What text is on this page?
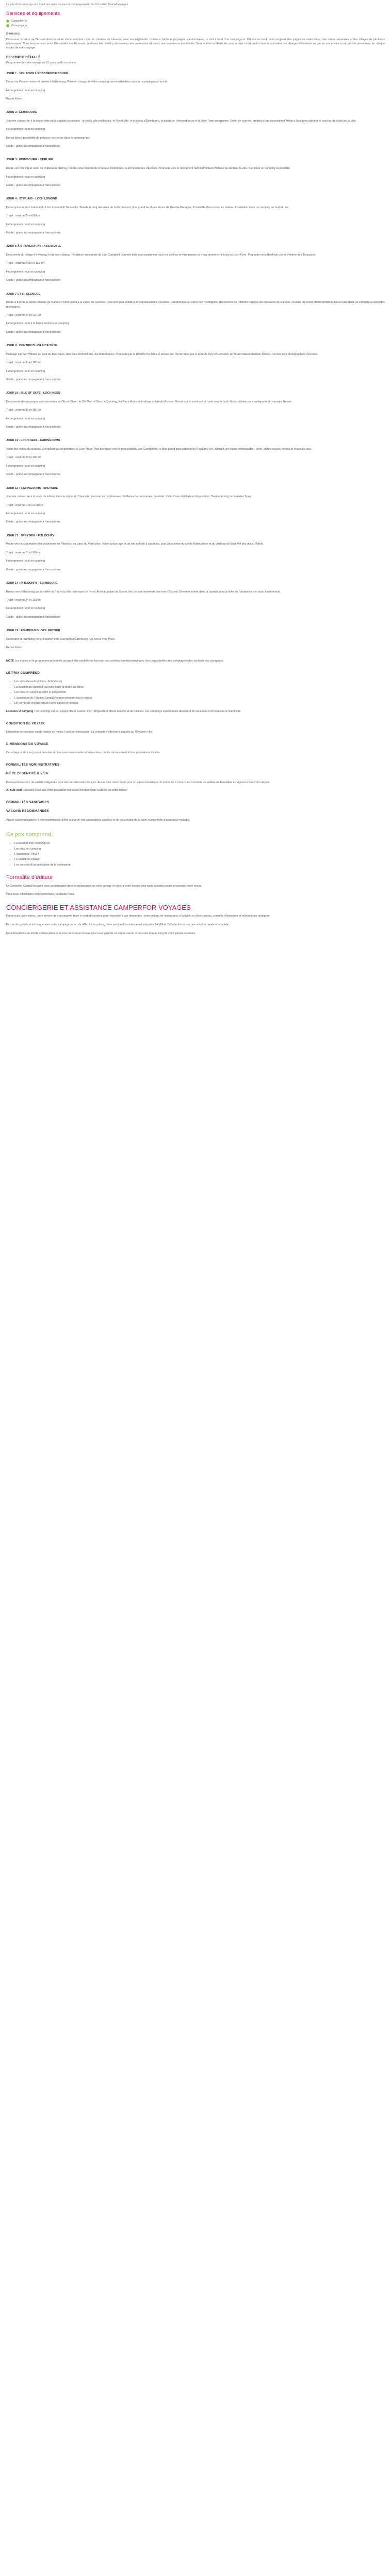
Le prix d'un camping-car / 2 à 4 ans avec ou sans accompagnement du Conseiller Camp&Voyages
Services et équipements
Conseiller(e)
Camping-car
Bienvenu

Découvrez le cœur de l'Écosse dans le cadre d'une aventure riche en chemins de traverse, avec ses Highlands, châteaux, lochs et paysages spectaculaires, le tout à bord d'un camping-car. Du sud au nord, vous longerez des plages de sable blanc, des routes sinueuses et des villages de pêcheurs pittoresques. Vous rencontrerez aussi l'hospitalité des Écossais, goûterez leur whisky, découvrirez leur patrimoine et vivrez une expérience inoubliable. Sans oublier la liberté de vous arrêter où et quand vous le souhaitez, de changer d'itinéraire au gré de vos envies et de profiter pleinement de chaque instant de votre voyage.

DESCRIPTIF DÉTAILLÉ
Programme de votre voyage de 15 jours en Ecotourisme
JOUR 1 : VOL POUR L'ÉCOSSE/ÉDIMBOURG

Départ de Paris en avion et arrivée à Édimbourg. Prise en charge de votre camping-car et installation dans un camping pour la nuit.

Hébergement : nuit en camping
Repas libres
JOUR 2 : ÉDIMBOURG

Journée consacrée à la découverte de la capitale écossaise : la vieille ville médiévale, le Royal Mile, le château d'Édimbourg, le palais de Holyroodhouse et la New Town géorgienne. En fin de journée, profitez d'une ascension d'Arthur's Seat pour admirer le coucher de soleil sur la ville.

Hébergement : nuit en camping
Repas libres, possibilité de préparer vos repas dans le camping-car
Guide : guide accompagnateur francophone
JOUR 3 : ÉDIMBOURG - STIRLING

Route vers Stirling et visite du château de Stirling, l'un des plus importants châteaux historiques et architecturaux d'Écosse. Poursuite vers le monument national William Wallace qui domine la ville. Nuit dans un camping à proximité.

Hébergement : nuit en camping
Guide : guide accompagnateur francophone
JOUR 4 : STIRLING - LOCH LOMOND

Départ pour le parc national du Loch Lomond & Trossachs. Balade le long des rives du Loch Lomond, plus grand lac d'eau douce de Grande-Bretagne. Possibilité d'excursion en bateau. Installation dans un camping au bord du lac.

Trajet : environ 2h et 60 km
Hébergement : nuit en camping
Guide : guide accompagnateur francophone
JOUR 5 À 6 : INVERARAY - ABERFOYLE

Découverte du village d'Inveraray et de son château, résidence ancestrale du clan Campbell. Journée libre pour randonner dans les collines environnantes ou vous promener le long du Loch Fyne. Poursuite vers Aberfoyle, porte d'entrée des Trossachs.

Trajet : environ 2h30 et 110 km
Hébergement : nuit en camping
Guide : guide accompagnateur francophone
JOUR 7 ET 8 : GLENCOE

Route à travers la lande désolée de Rannoch Moor jusqu'à la vallée de Glencoe, l'une des plus célèbres et spectaculaires d'Écosse. Randonnées au cœur des montagnes, découverte de l'histoire tragique du massacre de Glencoe et visite du centre d'interprétation. Deux nuits dans un camping au pied des montagnes.

Trajet : environ 2h et 120 km
Hébergement : nuit à la ferme ou dans un camping
Guide : guide accompagnateur francophone
JOUR 9 : BEN NEVIS - ISLE OF SKYE

Passage par Fort William au pied du Ben Nevis, plus haut sommet des îles britanniques. Poursuite par la Road to the Isles et arrivée sur l'île de Skye par le pont de Kyle of Lochalsh. Arrêt au château d'Eilean Donan, l'un des plus photographiés d'Écosse.

Trajet : environ 3h et 160 km
Hébergement : nuit en camping
Guide : guide accompagnateur francophone
JOUR 10 : ISLE OF SKYE - LOCH NESS

Découverte des paysages spectaculaires de l'île de Skye : le Old Man of Storr, le Quiraing, les Fairy Pools et le village coloré de Portree. Retour sur le continent et route vers le Loch Ness, célèbre pour sa légende du monstre Nessie.

Trajet : environ 3h et 180 km
Hébergement : nuit en camping
Guide : guide accompagnateur francophone
JOUR 11 : LOCH NESS - CAIRNGORMS

Visite des ruines du château d'Urquhart qui surplombent le Loch Ness. Puis traversée vers le parc national des Cairngorms, le plus grand parc national du Royaume-Uni, abritant une faune remarquable : cerfs, aigles royaux, rennes et écureuils roux.

Trajet : environ 2h et 100 km
Hébergement : nuit en camping
Guide : guide accompagnateur francophone
JOUR 12 : CAIRNGORMS - SPEYSIDE

Journée consacrée à la route du whisky dans la région du Speyside, berceau de nombreuses distilleries de renommée mondiale. Visite d'une distillerie et dégustation. Balade le long de la rivière Spey.

Trajet : environ 1h30 et 60 km
Hébergement : nuit en camping
Guide : guide accompagnateur francophone
JOUR 13 : SPEYSIDE - PITLOCHRY

Route vers la charmante ville victorienne de Pitlochry, au cœur du Perthshire. Visite du barrage et de son échelle à saumons, puis découverte du col de Killiecrankie et du château de Blair, fief des ducs d'Atholl.

Trajet : environ 2h et 90 km
Hébergement : nuit en camping
Guide : guide accompagnateur francophone
JOUR 14 : PITLOCHRY - ÉDIMBOURG

Retour vers Édimbourg par la vallée du Tay et la ville historique de Perth. Arrêt au palais de Scone, lieu de couronnement des rois d'Écosse. Dernière soirée dans la capitale pour profiter de l'ambiance des pubs traditionnels.

Trajet : environ 2h et 110 km
Hébergement : nuit en camping
Guide : guide accompagnateur francophone
JOUR 15 : ÉDIMBOURG - VOL RETOUR

Restitution du camping-car et transfert vers l'aéroport d'Édimbourg. Vol retour vers Paris.

Repas libres
NOTE Les étapes et le programme présentés peuvent être modifiés en fonction des conditions météorologiques, des disponibilités des campings et des souhaits des voyageurs.
LE PRIX COMPREND
• Les vols aller-retour Paris - Édimbourg
• La location du camping-car pour toute la durée du séjour
• Les nuits en camping selon le programme
• L'assistance de l'équipe Camp&Voyages pendant tout le séjour
• Un carnet de voyage détaillé avec cartes et conseils

Location et camping : Le camping-car est équipé d'une cuisine, d'un réfrigérateur, d'une douche et de toilettes. Les campings sélectionnés disposent de sanitaires et d'un accès à l'électricité.

CONDITION DE VOYAGE

Un permis de conduire valide depuis au moins 2 ans est nécessaire. La conduite s'effectue à gauche au Royaume-Uni.

DIMENSIONS DU VOYAGE

Ce voyage a été conçu pour favoriser un tourisme responsable et respectueux de l'environnement et des populations locales.

FORMALITÉS ADMINISTRATIVES
PIÈCE D'IDENTITÉ & VISA

Passeport en cours de validité obligatoire pour les ressortissants français. Aucun visa n'est requis pour un séjour touristique de moins de 6 mois. Il est conseillé de vérifier les formalités en vigueur avant votre départ.

ATTENTION : assurez-vous que votre passeport est valide pendant toute la durée de votre séjour.

FORMALITÉS SANITAIRES
VACCINS RECOMMANDÉS

Aucun vaccin obligatoire. Il est recommandé d'être à jour de vos vaccinations usuelles et de vous munir de la carte européenne d'assurance maladie.

Ce prix comprend
• La location d'un camping-car
• Les nuits en camping
• L'assistance 24h/24
• Le carnet de voyage
• Les conseils d'un spécialiste de la destination
Formalité d'éditeur

Le Conseiller Camp&Voyages vous accompagne dans la préparation de votre voyage et reste à votre écoute pour toute question avant et pendant votre séjour.

Pour toute information complémentaire, contactez-nous.

CONCIERGERIE ET ASSISTANCE CAMPERFOR VOYAGES

Durant tout votre séjour, notre service de conciergerie reste à votre disposition pour répondre à vos demandes : réservations de restaurants, d'activités ou d'excursions, conseils d'itinéraires et informations pratiques.

En cas de problème technique avec votre camping-car ou de difficulté sur place, notre service d'assistance est joignable 24h/24 et 7j/7 afin de trouver une solution rapide et adaptée.

Nous travaillons en étroite collaboration avec nos partenaires locaux pour vous garantir un séjour serein et sécurisé tout au long de votre périple écossais.
